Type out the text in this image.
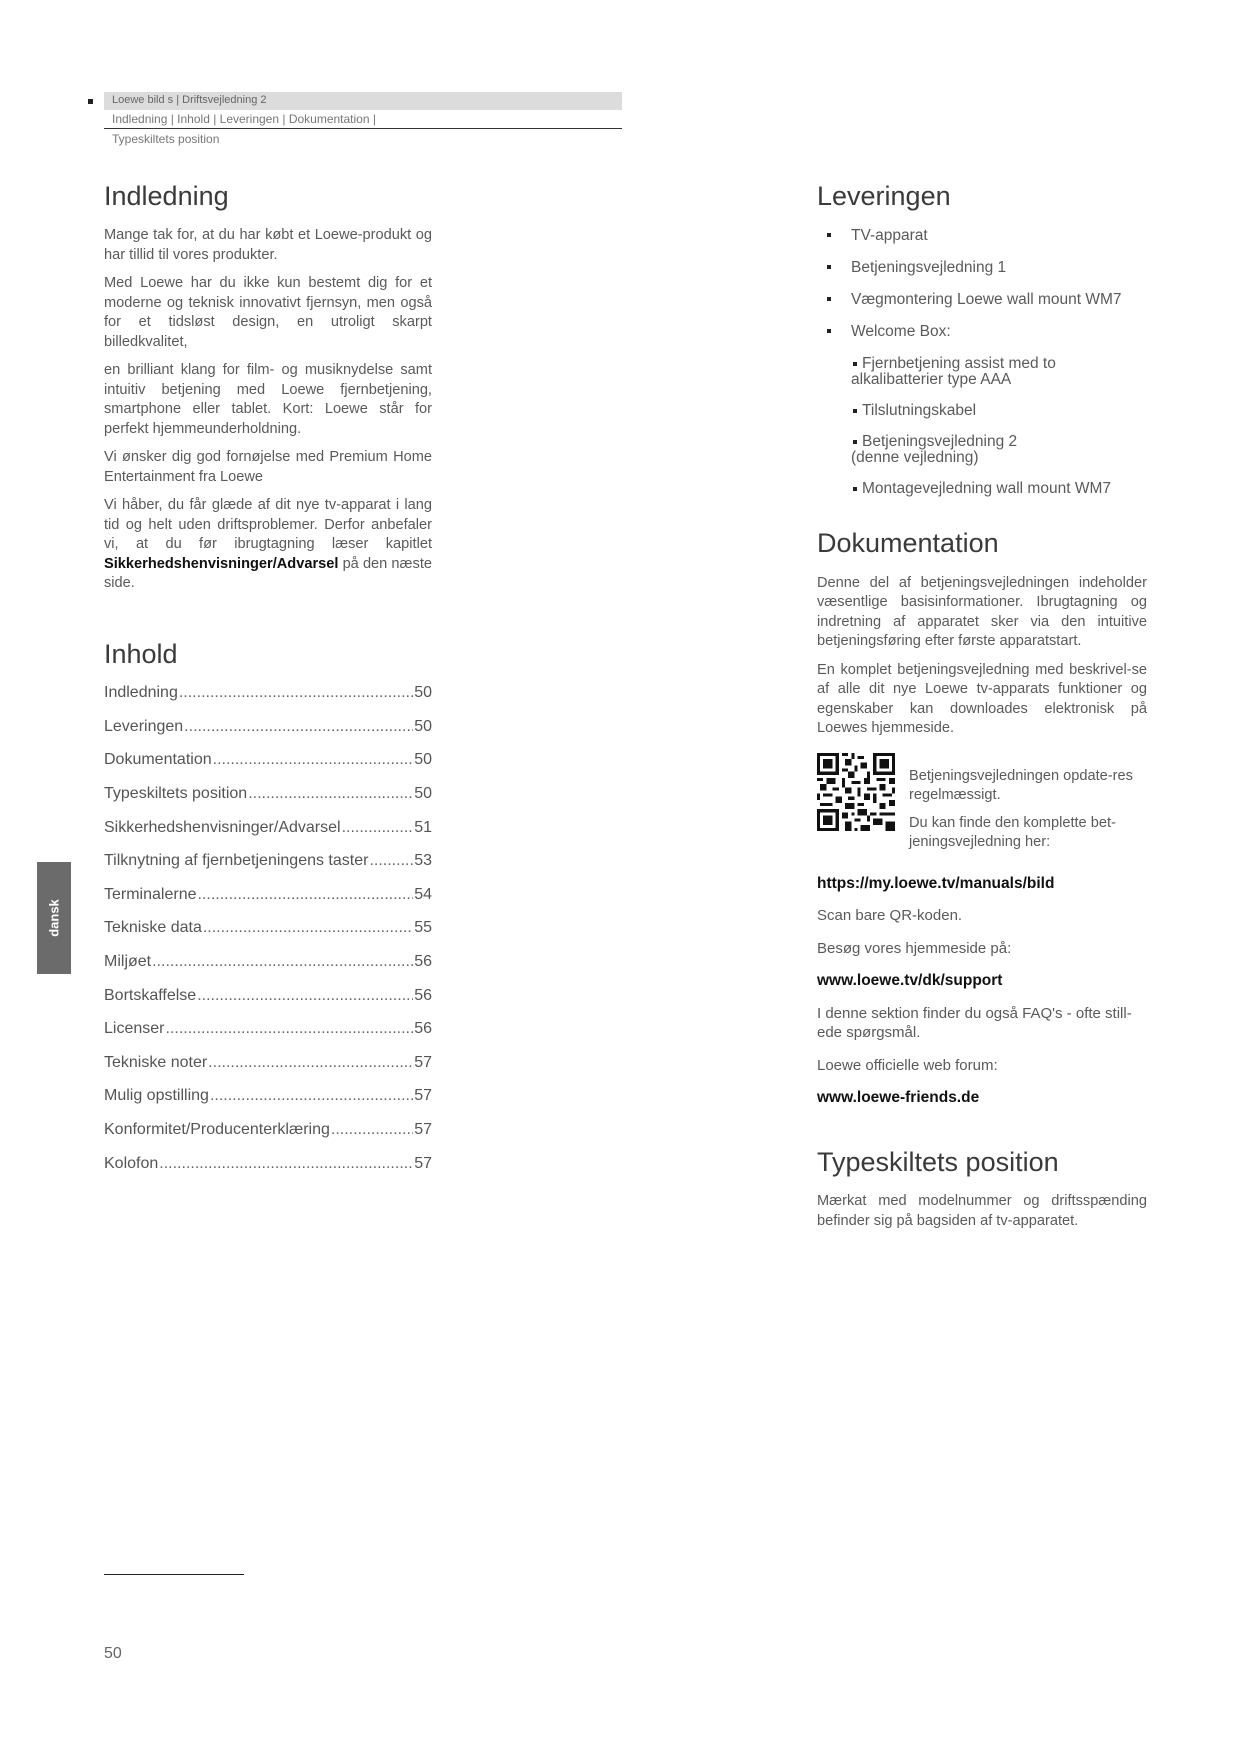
Loewe bild s | Driftsvejledning 2
Indledning | Inhold | Leveringen | Dokumentation |
Typeskiltets position
dansk
Indledning

Mange tak for, at du har købt et Loewe-produkt og har tillid til vores produkter.

Med Loewe har du ikke kun bestemt dig for et moderne og teknisk innovativt fjernsyn, men også for et tidsløst design, en utroligt skarpt billedkvalitet,

en brilliant klang for film- og musiknydelse samt intuitiv betjening med Loewe fjernbetjening, smartphone eller tablet. Kort: Loewe står for perfekt hjemmeunderholdning.

Vi ønsker dig god fornøjelse med Premium Home Entertainment fra Loewe

Vi håber, du får glæde af dit nye tv-apparat i lang tid og helt uden driftsproblemer. Derfor anbefaler vi, at du før ibrugtagning læser kapitlet Sikkerhedshenvisninger/Advarsel på den næste side.

Inhold
Indledning .....	50
Leveringen .....	50
Dokumentation .....	50
Typeskiltets position .....	50
Sikkerhedshenvisninger/Advarsel .....	51
Tilknytning af fjernbetjeningens taster .....	53
Terminalerne .....	54
Tekniske data .....	55
Miljøet .....	56
Bortskaffelse .....	56
Licenser .....	56
Tekniske noter .....	57
Mulig opstilling .....	57
Konformitet/Producenterklæring .....	57
Kolofon .....	57
Leveringen
TV-apparat
Betjeningsvejledning 1
Vægmontering Loewe wall mount WM7
Welcome Box:
Fjernbetjening assist med to
alkalibatterier type AAA
Tilslutningskabel
Betjeningsvejledning 2
(denne vejledning)
Montagevejledning wall mount WM7
Dokumentation

Denne del af betjeningsvejledningen indeholder væsentlige basisinformationer. Ibrugtagning og indretning af apparatet sker via den intuitive betjeningsføring efter første apparatstart.

En komplet betjeningsvejledning med beskrivel-se af alle dit nye Loewe tv-apparats funktioner og egenskaber kan downloades elektronisk på Loewes hjemmeside.

Betjeningsvejledningen opdate-res regelmæssigt.

Du kan finde den komplette bet-jeningsvejledning her:

https://my.loewe.tv/manuals/bild

Scan bare QR-koden.

Besøg vores hjemmeside på:

www.loewe.tv/dk/support

I denne sektion finder du også FAQ's - ofte still-ede spørgsmål.

Loewe officielle web forum:

www.loewe-friends.de

Typeskiltets position

Mærkat med modelnummer og driftsspænding befinder sig på bagsiden af tv-apparatet.

50
